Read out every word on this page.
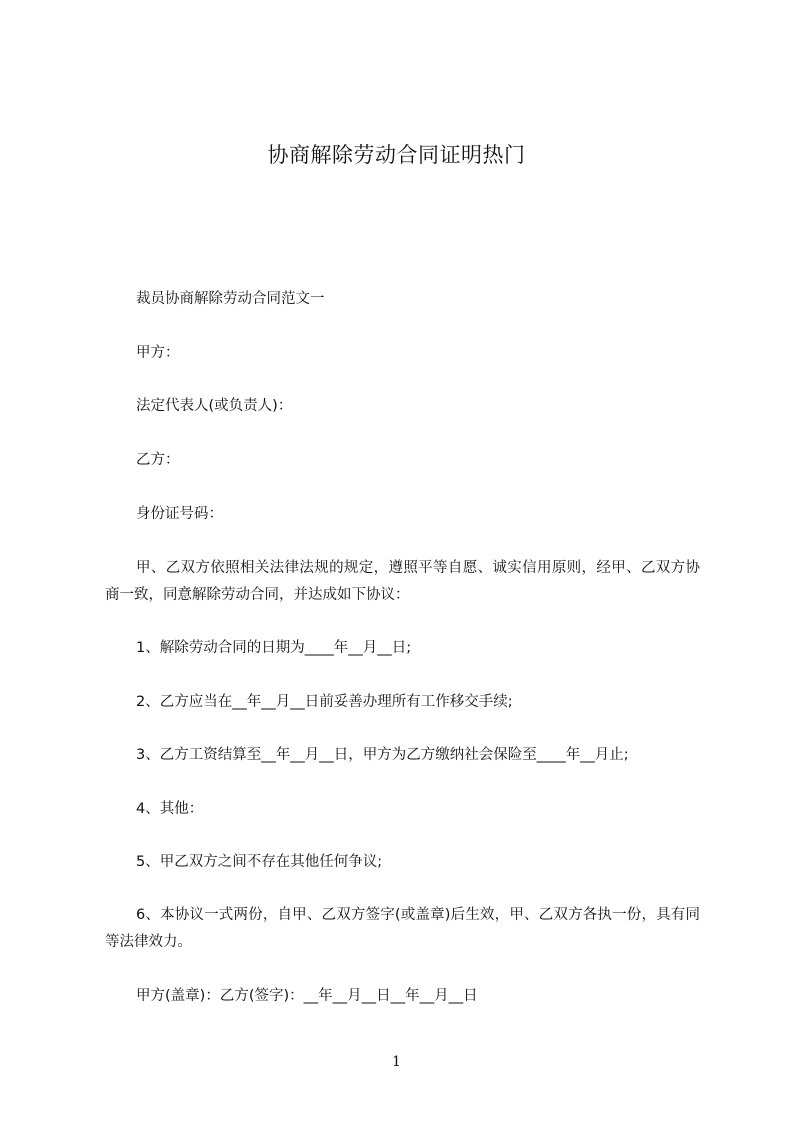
协商解除劳动合同证明热门
裁员协商解除劳动合同范文一
甲方：
法定代表人(或负责人)：
乙方：
身份证号码：
甲、乙双方依照相关法律法规的规定，遵照平等自愿、诚实信用原则，经甲、乙双方协商一致，同意解除劳动合同，并达成如下协议：
1、解除劳动合同的日期为____年__月__日;
2、乙方应当在__年__月__日前妥善办理所有工作移交手续;
3、乙方工资结算至__年__月__日，甲方为乙方缴纳社会保险至____年__月止;
4、其他：
5、甲乙双方之间不存在其他任何争议;
6、本协议一式两份，自甲、乙双方签字(或盖章)后生效，甲、乙双方各执一份，具有同等法律效力。
甲方(盖章)：乙方(签字)：__年__月__日__年__月__日
1
